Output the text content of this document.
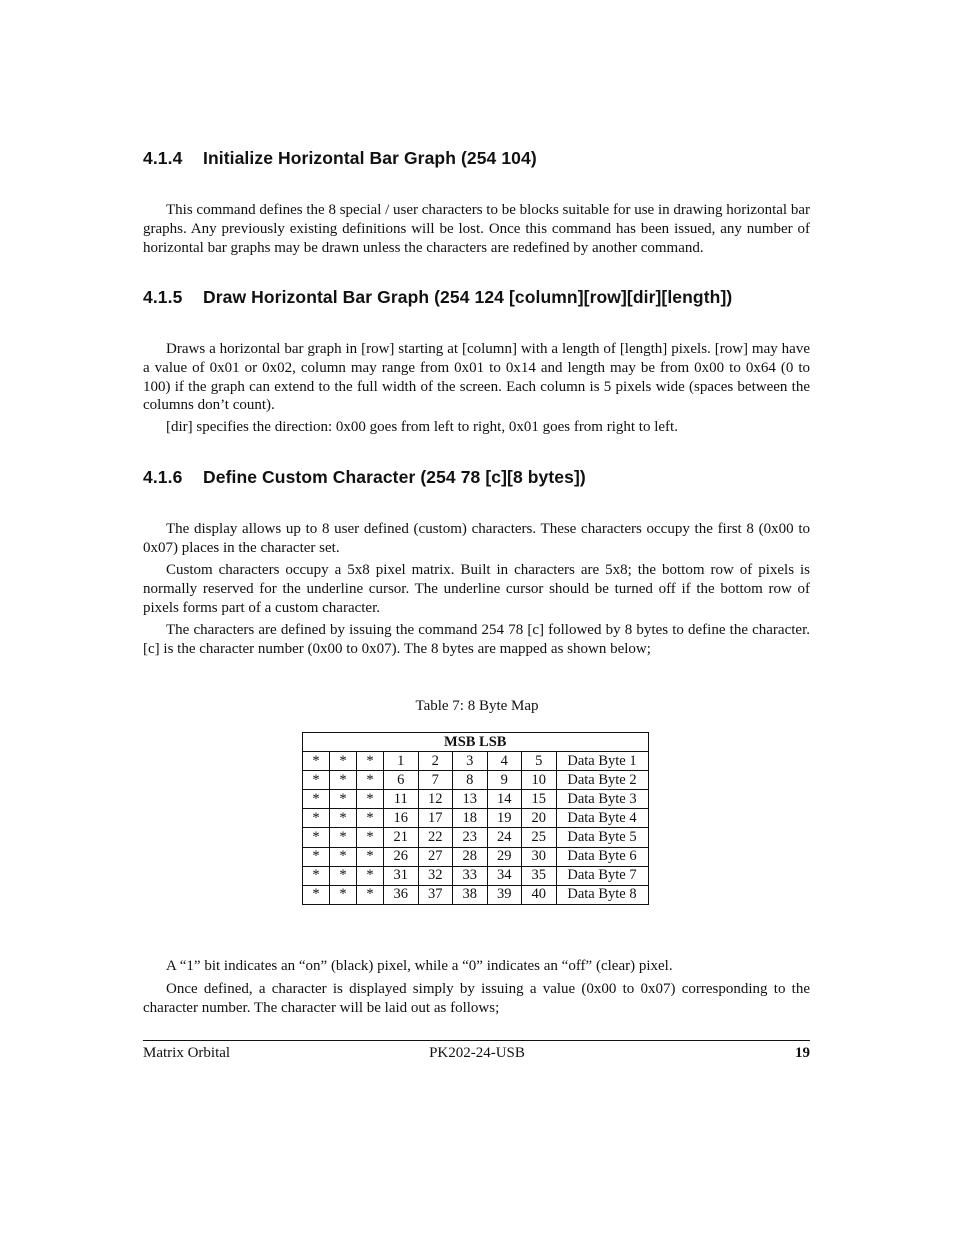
4.1.4 Initialize Horizontal Bar Graph (254 104)

This command defines the 8 special / user characters to be blocks suitable for use in drawing horizontal bar graphs. Any previously existing definitions will be lost. Once this command has been issued, any number of horizontal bar graphs may be drawn unless the characters are redefined by another command.

4.1.5 Draw Horizontal Bar Graph (254 124 [column][row][dir][length])

Draws a horizontal bar graph in [row] starting at [column] with a length of [length] pixels. [row] may have a value of 0x01 or 0x02, column may range from 0x01 to 0x14 and length may be from 0x00 to 0x64 (0 to 100) if the graph can extend to the full width of the screen. Each column is 5 pixels wide (spaces between the columns don’t count).

[dir] specifies the direction: 0x00 goes from left to right, 0x01 goes from right to left.

4.1.6 Define Custom Character (254 78 [c][8 bytes])

The display allows up to 8 user defined (custom) characters. These characters occupy the first 8 (0x00 to 0x07) places in the character set.

Custom characters occupy a 5x8 pixel matrix. Built in characters are 5x8; the bottom row of pixels is normally reserved for the underline cursor. The underline cursor should be turned off if the bottom row of pixels forms part of a custom character.

The characters are defined by issuing the command 254 78 [c] followed by 8 bytes to define the character. [c] is the character number (0x00 to 0x07). The 8 bytes are mapped as shown below;

Table 7: 8 Byte Map
MSB LSB								
*	*	*	1	2	3	4	5	Data Byte 1
*	*	*	6	7	8	9	10	Data Byte 2
*	*	*	11	12	13	14	15	Data Byte 3
*	*	*	16	17	18	19	20	Data Byte 4
*	*	*	21	22	23	24	25	Data Byte 5
*	*	*	26	27	28	29	30	Data Byte 6
*	*	*	31	32	33	34	35	Data Byte 7
*	*	*	36	37	38	39	40	Data Byte 8

A “1” bit indicates an “on” (black) pixel, while a “0” indicates an “off” (clear) pixel.

Once defined, a character is displayed simply by issuing a value (0x00 to 0x07) corresponding to the character number. The character will be laid out as follows;

Matrix Orbital	PK202-24-USB	19
